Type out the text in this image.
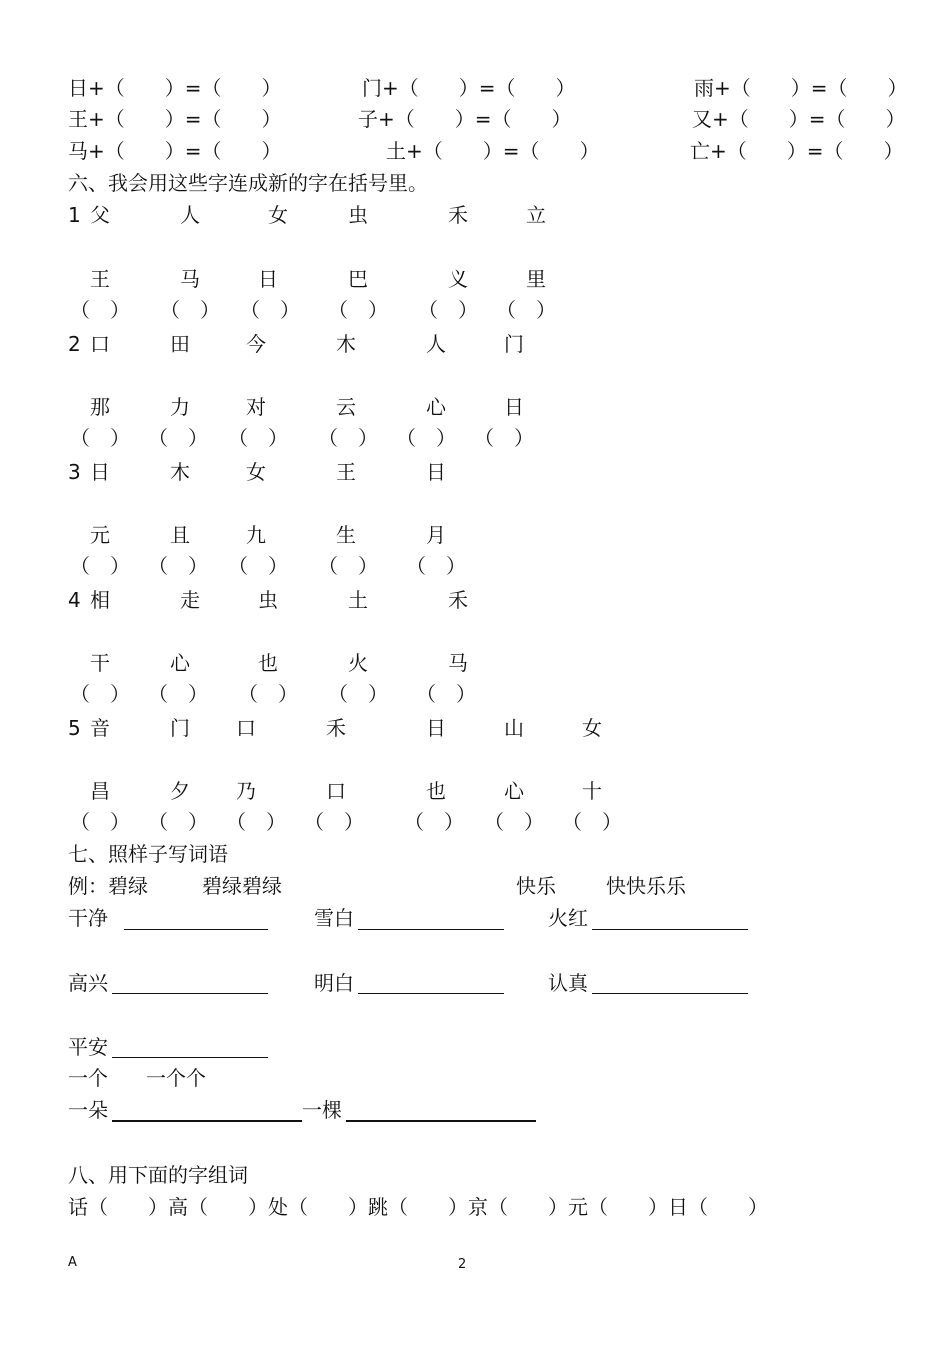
日+（　　）=（　　）	门+（　　）=（　　）	雨+（　　）=（　　）
王+（　　）=（　　）	子+（　　）=（　　）	又+（　　）=（　　）
马+（　　）=（　　）	土+（　　）=（　　）	亡+（　　）=（　　）
六、我会用这些字连成新的字在括号里。
1 父	人	女	虫	禾	立
王	马	日	巴	义	里
（　） （　） （　） （　） （　） （　）
2 口	田	今	木	人	门
那	力	对	云	心	日
（　） （　） （　） （　） （　） （　）
3 日	木	女	王	日
元	且	九	生	月
（　） （　） （　） （　） （　）
4 相	走	虫	土	禾
干	心	也	火	马
（　） （　） （　） （　） （　）
5 音	门 口	禾	日	山	女
昌	夕 乃	口	也	心	十
（　） （　） （　） （　） （　） （　） （　）
七、照样子写词语
例：碧绿	碧绿碧绿	快乐	快快乐乐
干净	雪白	火红
高兴	明白	认真
平安
一个 一个个
一朵	一棵
八、用下面的字组词
话（　　）高（　　）处（　　）跳（　　）京（　　）元（　　）日（　　）
A	2
